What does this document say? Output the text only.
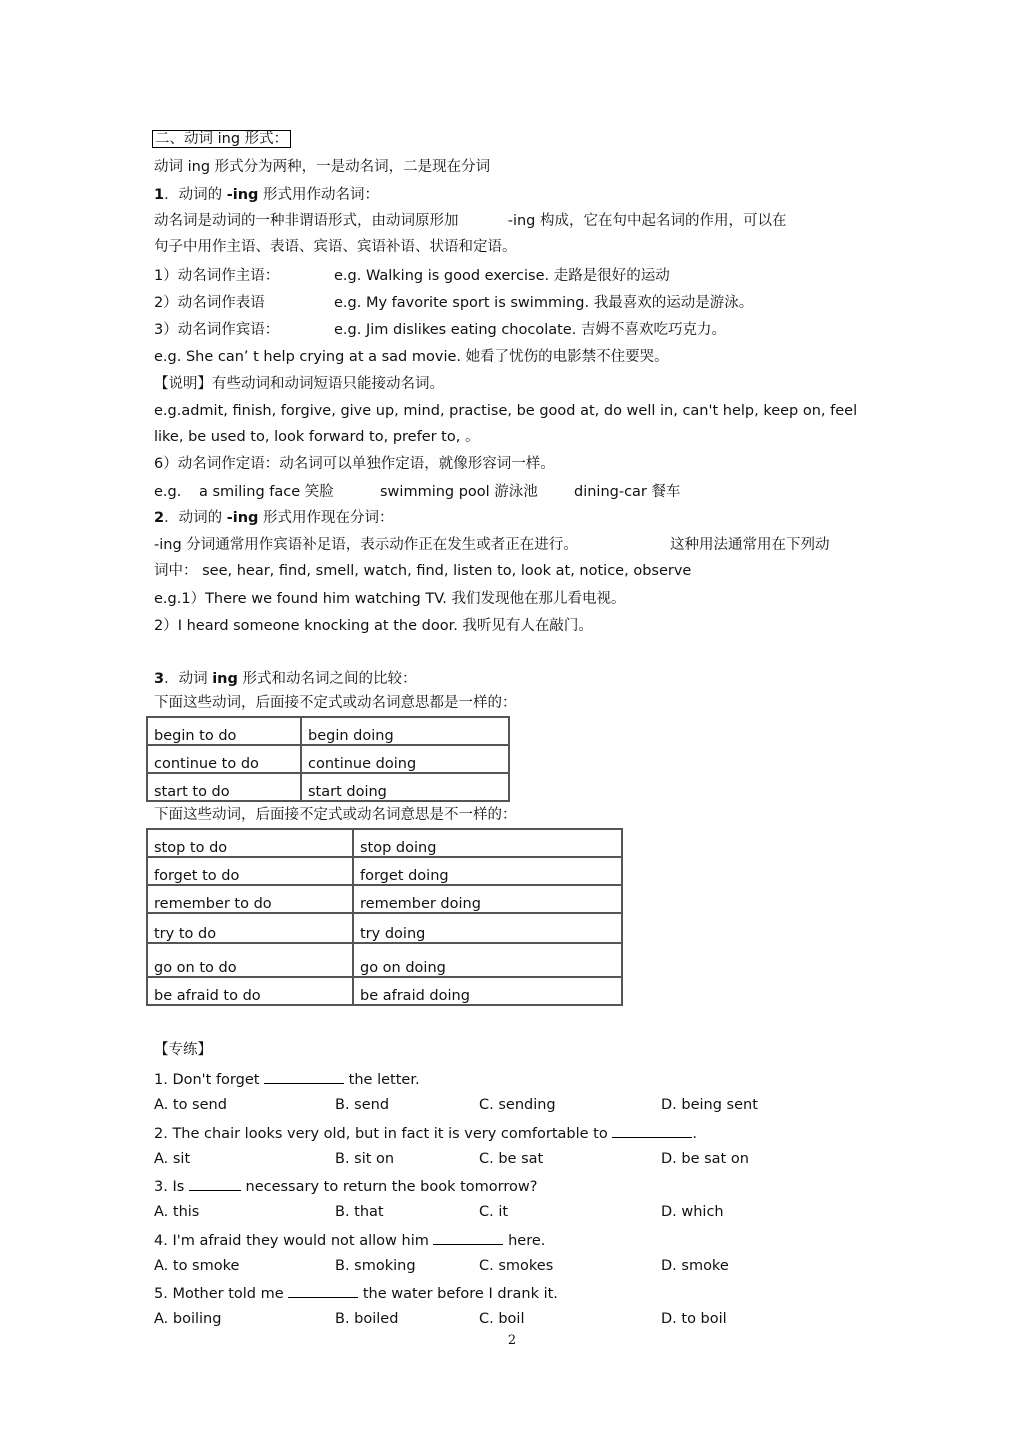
二、动词 ing 形式：
动词 ing 形式分为两种，一是动名词，二是现在分词
1．动词的 -ing 形式用作动名词：
动名词是动词的一种非谓语形式，由动词原形加	-ing 构成，它在句中起名词的作用，可以在
句子中用作主语、表语、宾语、宾语补语、状语和定语。
1）动名词作主语：	e.g. Walking is good exercise. 走路是很好的运动
2）动名词作表语	e.g. My favorite sport is swimming. 我最喜欢的运动是游泳。
3）动名词作宾语：	e.g. Jim dislikes eating chocolate. 吉姆不喜欢吃巧克力。
e.g. She can’ t help crying at a sad movie. 她看了忧伤的电影禁不住要哭。
【说明】有些动词和动词短语只能接动名词。
e.g.admit, finish, forgive, give up, mind, practise, be good at, do well in, can't help, keep on, feel
like, be used to, look forward to, prefer to, 。
6）动名词作定语：动名词可以单独作定语，就像形容词一样。
e.g. a smiling face 笑脸	swimming pool 游泳池 dining-car 餐车
2．动词的 -ing 形式用作现在分词：
-ing 分词通常用作宾语补足语，表示动作正在发生或者正在进行。	这种用法通常用在下列动
词中： see, hear, find, smell, watch, find, listen to, look at, notice, observe
e.g.1）There we found him watching TV. 我们发现他在那儿看电视。
2）I heard someone knocking at the door. 我听见有人在敲门。
3．动词 ing 形式和动名词之间的比较：
下面这些动词，后面接不定式或动名词意思都是一样的：
begin to do	begin doing
continue to do	continue doing
start to do	start doing
下面这些动词，后面接不定式或动名词意思是不一样的：
stop to do	stop doing
forget to do	forget doing
remember to do	remember doing
try to do	try doing
go on to do	go on doing
be afraid to do	be afraid doing
【专练】
1. Don't forget	the letter.
A. to send	B. send	C. sending	D. being sent
2. The chair looks very old, but in fact it is very comfortable to	.
A. sit	B. sit on	C. be sat	D. be sat on
3. Is	necessary to return the book tomorrow?
A. this	B. that	C. it	D. which
4. I'm afraid they would not allow him	here.
A. to smoke	B. smoking	C. smokes	D. smoke
5. Mother told me	the water before I drank it.
A. boiling	B. boiled	C. boil	D. to boil
2
